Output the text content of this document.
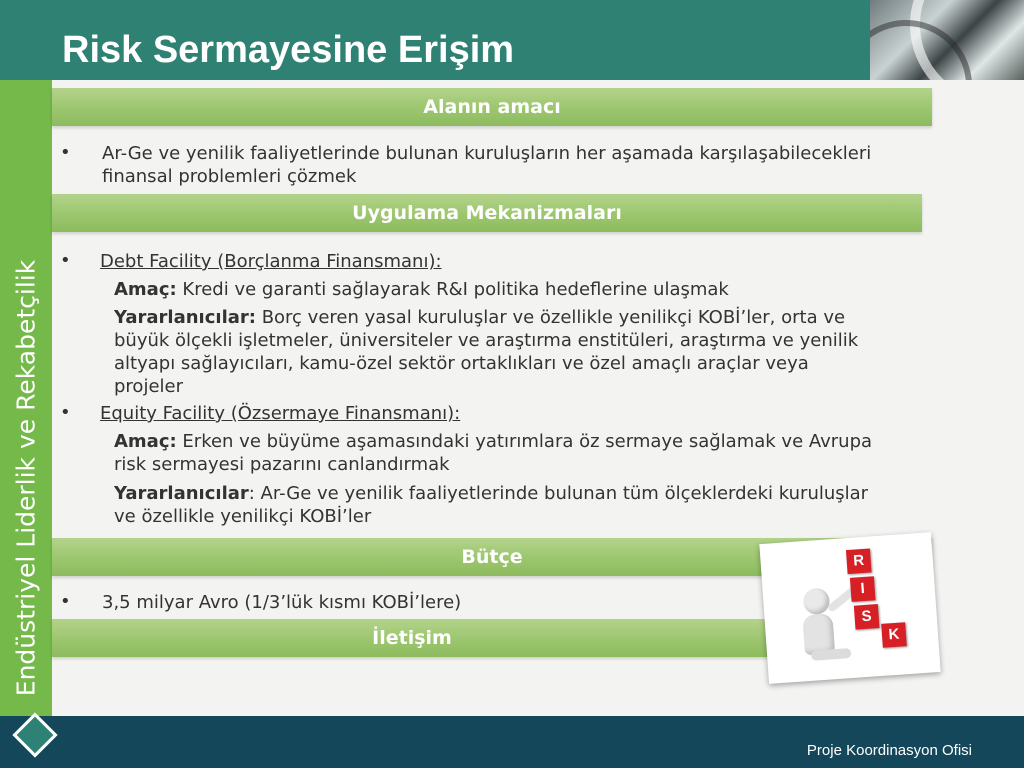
Risk Sermayesine Erişim
Endüstriyel Liderlik ve Rekabetçilik
Alanın amacı
• Ar-Ge ve yenilik faaliyetlerinde bulunan kuruluşların her aşamada karşılaşabilecekleri
finansal problemleri çözmek
Uygulama Mekanizmaları
• Debt Facility (Borçlanma Finansmanı):
Amaç: Kredi ve garanti sağlayarak R&I politika hedeflerine ulaşmak
Yararlanıcılar: Borç veren yasal kuruluşlar ve özellikle yenilikçi KOBİ’ler, orta ve
büyük ölçekli işletmeler, üniversiteler ve araştırma enstitüleri, araştırma ve yenilik
altyapı sağlayıcıları, kamu-özel sektör ortaklıkları ve özel amaçlı araçlar veya
projeler
• Equity Facility (Özsermaye Finansmanı):
Amaç: Erken ve büyüme aşamasındaki yatırımlara öz sermaye sağlamak ve Avrupa
risk sermayesi pazarını canlandırmak
Yararlanıcılar: Ar-Ge ve yenilik faaliyetlerinde bulunan tüm ölçeklerdeki kuruluşlar
ve özellikle yenilikçi KOBİ’ler
Bütçe
• 3,5 milyar Avro (1/3’lük kısmı KOBİ’lere)
İletişim
R
I
S
K
Proje Koordinasyon Ofisi
